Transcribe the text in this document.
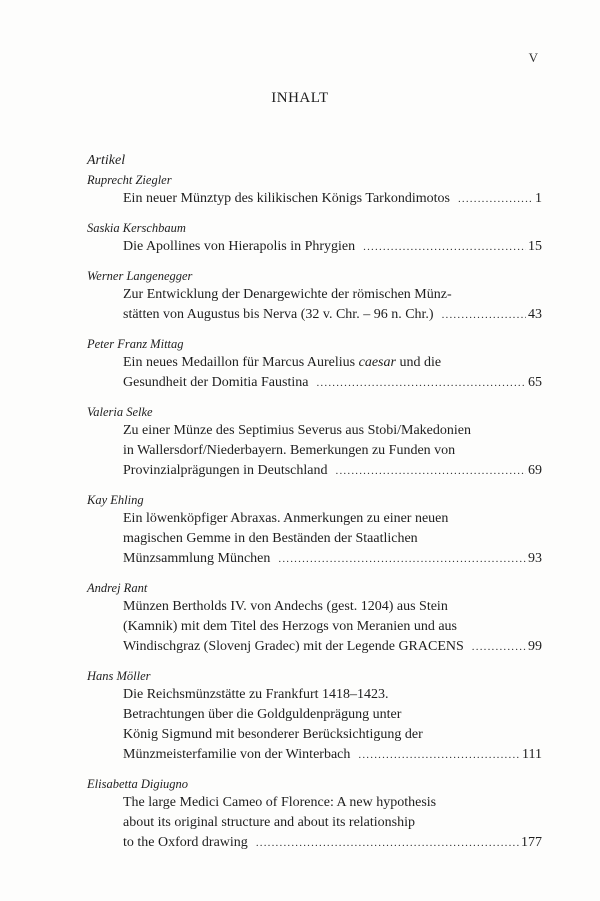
V
INHALT
Artikel
Ruprecht Ziegler
Ein neuer Münztyp des kilikischen Königs Tarkondimotos .....	1
Saskia Kerschbaum
Die Apollines von Hierapolis in Phrygien .....	15
Werner Langenegger
Zur Entwicklung der Denargewichte der römischen Münz-
stätten von Augustus bis Nerva (32 v. Chr. – 96 n. Chr.) .....	43
Peter Franz Mittag
Ein neues Medaillon für Marcus Aurelius caesar und die
Gesundheit der Domitia Faustina .....	65
Valeria Selke
Zu einer Münze des Septimius Severus aus Stobi/Makedonien
in Wallersdorf/Niederbayern. Bemerkungen zu Funden von
Provinzialprägungen in Deutschland .....	69
Kay Ehling
Ein löwenköpfiger Abraxas. Anmerkungen zu einer neuen
magischen Gemme in den Beständen der Staatlichen
Münzsammlung München .....	93
Andrej Rant
Münzen Bertholds IV. von Andechs (gest. 1204) aus Stein
(Kamnik) mit dem Titel des Herzogs von Meranien und aus
Windischgraz (Slovenj Gradec) mit der Legende GRACENS .....	99
Hans Möller
Die Reichsmünzstätte zu Frankfurt 1418–1423.
Betrachtungen über die Goldguldenprägung unter
König Sigmund mit besonderer Berücksichtigung der
Münzmeisterfamilie von der Winterbach .....	111
Elisabetta Digiugno
The large Medici Cameo of Florence: A new hypothesis
about its original structure and about its relationship
to the Oxford drawing .....	177
